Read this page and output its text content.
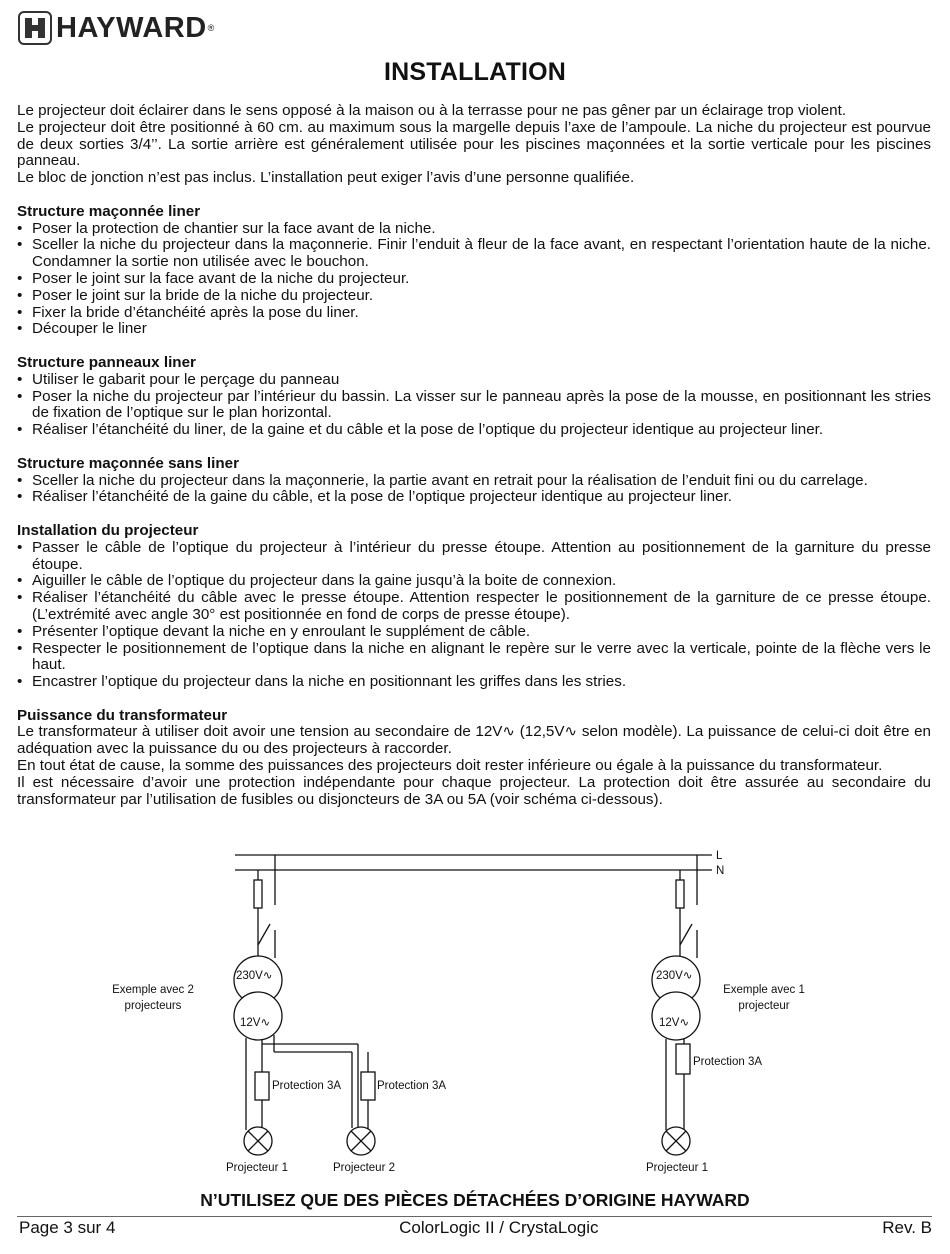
HAYWARD ®
INSTALLATION

Le projecteur doit éclairer dans le sens opposé à la maison ou à la terrasse pour ne pas gêner par un éclairage trop violent.

Le projecteur doit être positionné à 60 cm. au maximum sous la margelle depuis l’axe de l’ampoule. La niche du projecteur est pourvue de deux sorties 3/4’’. La sortie arrière est généralement utilisée pour les piscines maçonnées et la sortie verticale pour les piscines panneau.

Le bloc de jonction n’est pas inclus. L’installation peut exiger l’avis d’une personne qualifiée.

Structure maçonnée liner
• Poser la protection de chantier sur la face avant de la niche.
• Sceller la niche du projecteur dans la maçonnerie. Finir l’enduit à fleur de la face avant, en respectant l’orientation haute de la niche. Condamner la sortie non utilisée avec le bouchon.
• Poser le joint sur la face avant de la niche du projecteur.
• Poser le joint sur la bride de la niche du projecteur.
• Fixer la bride d’étanchéité après la pose du liner.
• Découper le liner
Structure panneaux liner
• Utiliser le gabarit pour le perçage du panneau
• Poser la niche du projecteur par l’intérieur du bassin. La visser sur le panneau après la pose de la mousse, en positionnant les stries de fixation de l’optique sur le plan horizontal.
• Réaliser l’étanchéité du liner, de la gaine et du câble et la pose de l’optique du projecteur identique au projecteur liner.
Structure maçonnée sans liner
• Sceller la niche du projecteur dans la maçonnerie, la partie avant en retrait pour la réalisation de l’enduit fini ou du carrelage.
• Réaliser l’étanchéité de la gaine du câble, et la pose de l’optique projecteur identique au projecteur liner.
Installation du projecteur
• Passer le câble de l’optique du projecteur à l’intérieur du presse étoupe. Attention au positionnement de la garniture du presse étoupe.
• Aiguiller le câble de l’optique du projecteur dans la gaine jusqu’à la boite de connexion.
• Réaliser l’étanchéité du câble avec le presse étoupe. Attention respecter le positionnement de la garniture de ce presse étoupe. (L’extrémité avec angle 30° est positionnée en fond de corps de presse étoupe).
• Présenter l’optique devant la niche en y enroulant le supplément de câble.
• Respecter le positionnement de l’optique dans la niche en alignant le repère sur le verre avec la verticale, pointe de la flèche vers le haut.
• Encastrer l’optique du projecteur dans la niche en positionnant les griffes dans les stries.
Puissance du transformateur

Le transformateur à utiliser doit avoir une tension au secondaire de 12V∿ (12,5V∿ selon modèle). La puissance de celui-ci doit être en adéquation avec la puissance du ou des projecteurs à raccorder.

En tout état de cause, la somme des puissances des projecteurs doit rester inférieure ou égale à la puissance du transformateur.

Il est nécessaire d’avoir une protection indépendante pour chaque projecteur. La protection doit être assurée au secondaire du transformateur par l’utilisation de fusibles ou disjoncteurs de 3A ou 5A (voir schéma ci-dessous).

L
N
Exemple avec 2
projecteurs
230V∿
12V∿
Protection 3A	Protection 3A
Projecteur 1	Projecteur 2
Exemple avec 1
projecteur
230V∿
12V∿
Protection 3A
Projecteur 1
N’UTILISEZ QUE DES PIÈCES DÉTACHÉES D’ORIGINE HAYWARD
Page 3 sur 4	ColorLogic II / CrystaLogic	Rev. B
